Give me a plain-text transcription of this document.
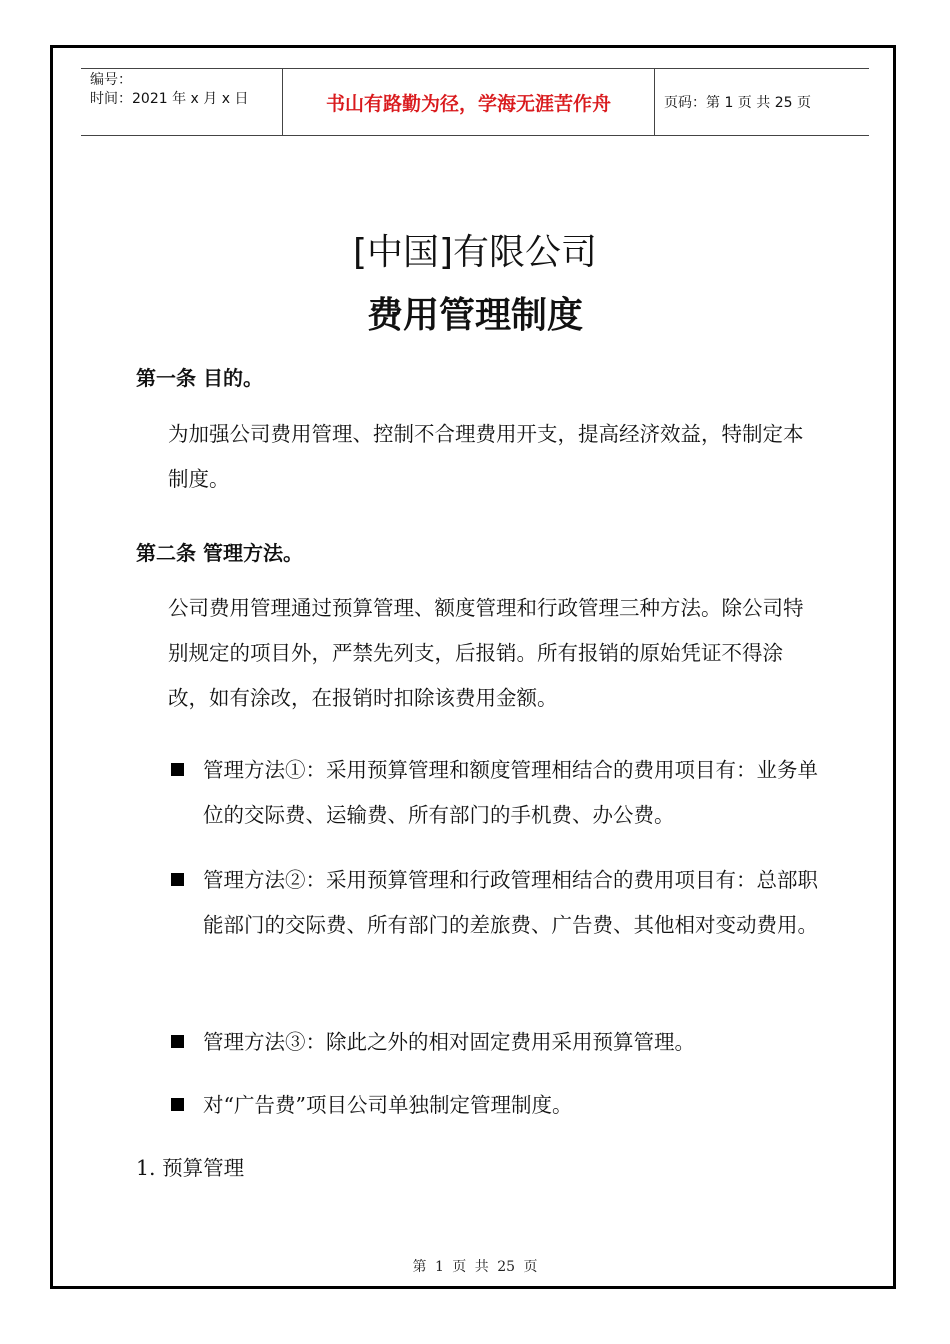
编号：
时间：2021 年 x 月 x 日	书山有路勤为径，学海无涯苦作舟	页码：第 1 页 共 25 页
[中国]有限公司
费用管理制度
第一条 目的。
为加强公司费用管理、控制不合理费用开支，提高经济效益，特制定本制度。
第二条 管理方法。
公司费用管理通过预算管理、额度管理和行政管理三种方法。除公司特别规定的项目外，严禁先列支，后报销。所有报销的原始凭证不得涂改，如有涂改，在报销时扣除该费用金额。
管理方法①：采用预算管理和额度管理相结合的费用项目有：业务单位的交际费、运输费、所有部门的手机费、办公费。
管理方法②：采用预算管理和行政管理相结合的费用项目有：总部职能部门的交际费、所有部门的差旅费、广告费、其他相对变动费用。
管理方法③：除此之外的相对固定费用采用预算管理。
对“广告费”项目公司单独制定管理制度。
1. 预算管理
第 1 页 共 25 页
